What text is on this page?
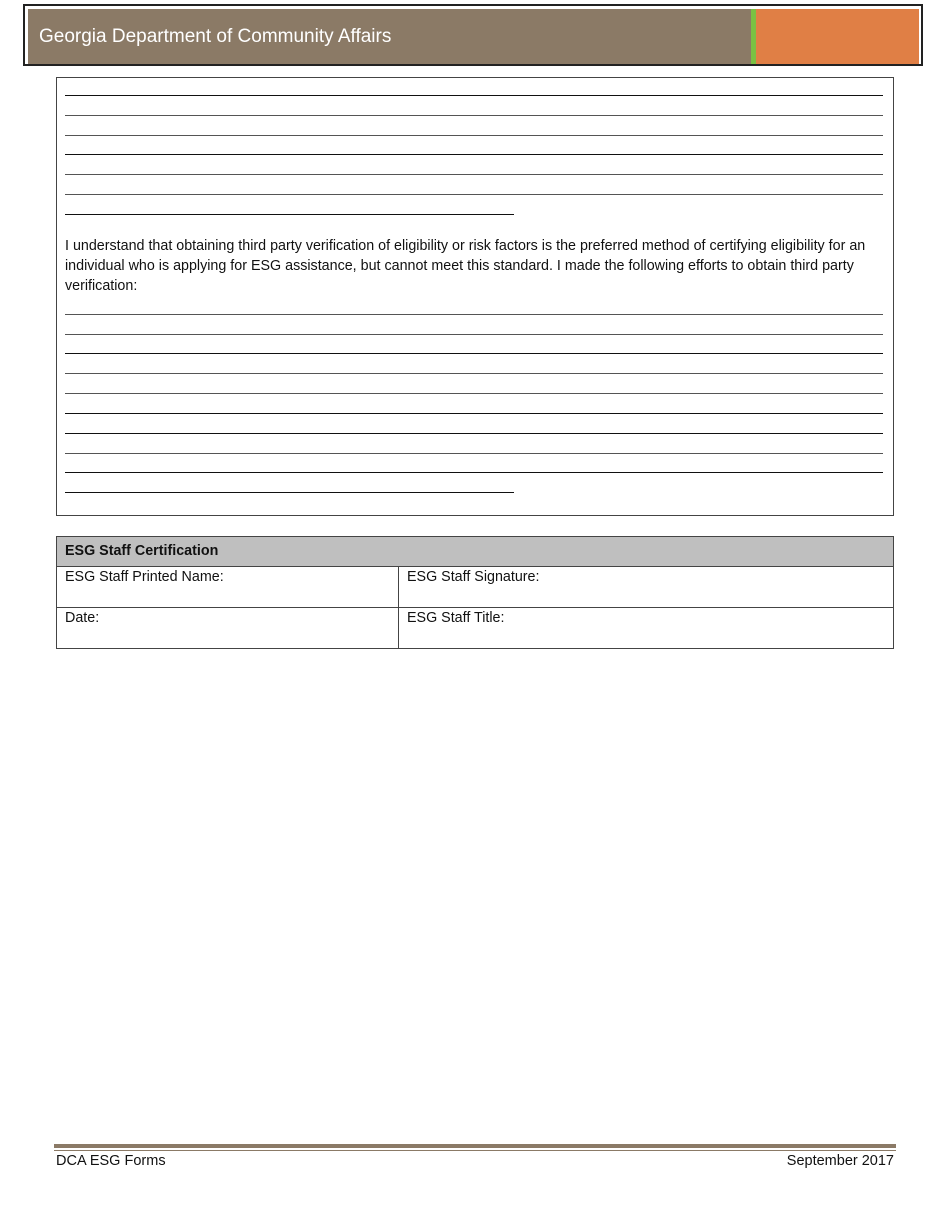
Georgia Department of Community Affairs

I understand that obtaining third party verification of eligibility or risk factors is the preferred method of certifying eligibility for an individual who is applying for ESG assistance, but cannot meet this standard. I made the following efforts to obtain third party verification:

ESG Staff Certification	
ESG Staff Printed Name:	ESG Staff Signature:
Date:	ESG Staff Title:
DCA ESG Forms	September 2017
